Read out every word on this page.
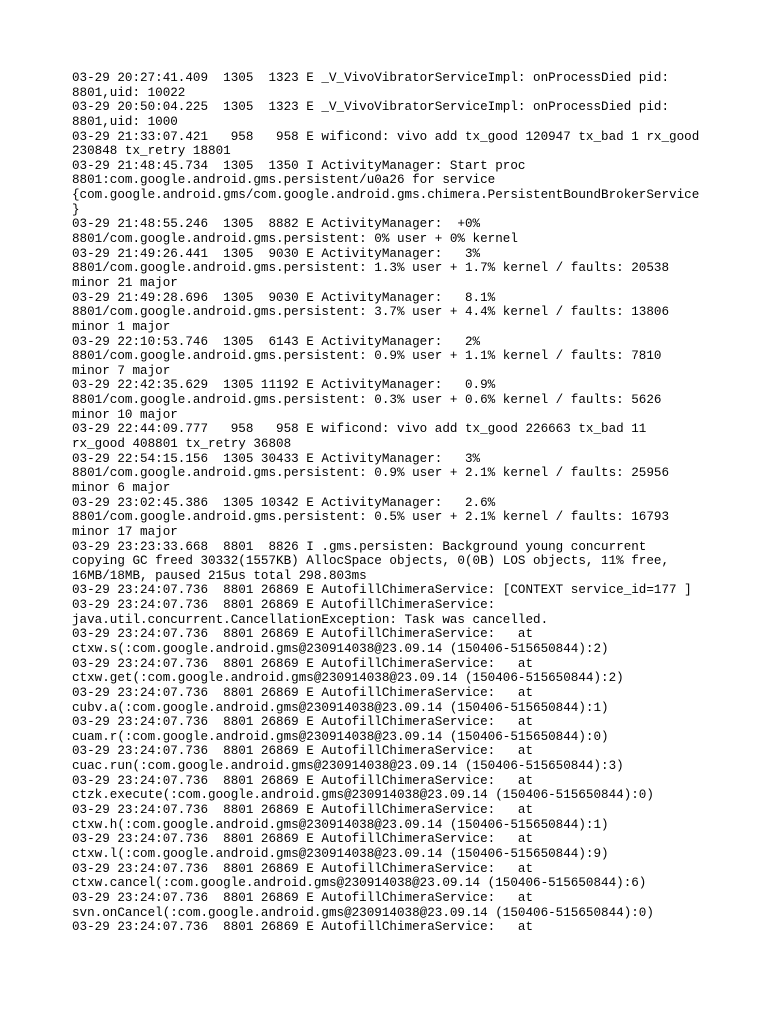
03-29 20:27:41.409  1305  1323 E _V_VivoVibratorServiceImpl: onProcessDied pid:
8801,uid: 10022
03-29 20:50:04.225  1305  1323 E _V_VivoVibratorServiceImpl: onProcessDied pid:
8801,uid: 1000
03-29 21:33:07.421   958   958 E wificond: vivo add tx_good 120947 tx_bad 1 rx_good
230848 tx_retry 18801
03-29 21:48:45.734  1305  1350 I ActivityManager: Start proc
8801:com.google.android.gms.persistent/u0a26 for service
{com.google.android.gms/com.google.android.gms.chimera.PersistentBoundBrokerService
}
03-29 21:48:55.246  1305  8882 E ActivityManager:  +0%
8801/com.google.android.gms.persistent: 0% user + 0% kernel
03-29 21:49:26.441  1305  9030 E ActivityManager:   3%
8801/com.google.android.gms.persistent: 1.3% user + 1.7% kernel / faults: 20538
minor 21 major
03-29 21:49:28.696  1305  9030 E ActivityManager:   8.1%
8801/com.google.android.gms.persistent: 3.7% user + 4.4% kernel / faults: 13806
minor 1 major
03-29 22:10:53.746  1305  6143 E ActivityManager:   2%
8801/com.google.android.gms.persistent: 0.9% user + 1.1% kernel / faults: 7810
minor 7 major
03-29 22:42:35.629  1305 11192 E ActivityManager:   0.9%
8801/com.google.android.gms.persistent: 0.3% user + 0.6% kernel / faults: 5626
minor 10 major
03-29 22:44:09.777   958   958 E wificond: vivo add tx_good 226663 tx_bad 11
rx_good 408801 tx_retry 36808
03-29 22:54:15.156  1305 30433 E ActivityManager:   3%
8801/com.google.android.gms.persistent: 0.9% user + 2.1% kernel / faults: 25956
minor 6 major
03-29 23:02:45.386  1305 10342 E ActivityManager:   2.6%
8801/com.google.android.gms.persistent: 0.5% user + 2.1% kernel / faults: 16793
minor 17 major
03-29 23:23:33.668  8801  8826 I .gms.persisten: Background young concurrent
copying GC freed 30332(1557KB) AllocSpace objects, 0(0B) LOS objects, 11% free,
16MB/18MB, paused 215us total 298.803ms
03-29 23:24:07.736  8801 26869 E AutofillChimeraService: [CONTEXT service_id=177 ]
03-29 23:24:07.736  8801 26869 E AutofillChimeraService:
java.util.concurrent.CancellationException: Task was cancelled.
03-29 23:24:07.736  8801 26869 E AutofillChimeraService:   at
ctxw.s(:com.google.android.gms@230914038@23.09.14 (150406-515650844):2)
03-29 23:24:07.736  8801 26869 E AutofillChimeraService:   at
ctxw.get(:com.google.android.gms@230914038@23.09.14 (150406-515650844):2)
03-29 23:24:07.736  8801 26869 E AutofillChimeraService:   at
cubv.a(:com.google.android.gms@230914038@23.09.14 (150406-515650844):1)
03-29 23:24:07.736  8801 26869 E AutofillChimeraService:   at
cuam.r(:com.google.android.gms@230914038@23.09.14 (150406-515650844):0)
03-29 23:24:07.736  8801 26869 E AutofillChimeraService:   at
cuac.run(:com.google.android.gms@230914038@23.09.14 (150406-515650844):3)
03-29 23:24:07.736  8801 26869 E AutofillChimeraService:   at
ctzk.execute(:com.google.android.gms@230914038@23.09.14 (150406-515650844):0)
03-29 23:24:07.736  8801 26869 E AutofillChimeraService:   at
ctxw.h(:com.google.android.gms@230914038@23.09.14 (150406-515650844):1)
03-29 23:24:07.736  8801 26869 E AutofillChimeraService:   at
ctxw.l(:com.google.android.gms@230914038@23.09.14 (150406-515650844):9)
03-29 23:24:07.736  8801 26869 E AutofillChimeraService:   at
ctxw.cancel(:com.google.android.gms@230914038@23.09.14 (150406-515650844):6)
03-29 23:24:07.736  8801 26869 E AutofillChimeraService:   at
svn.onCancel(:com.google.android.gms@230914038@23.09.14 (150406-515650844):0)
03-29 23:24:07.736  8801 26869 E AutofillChimeraService:   at
